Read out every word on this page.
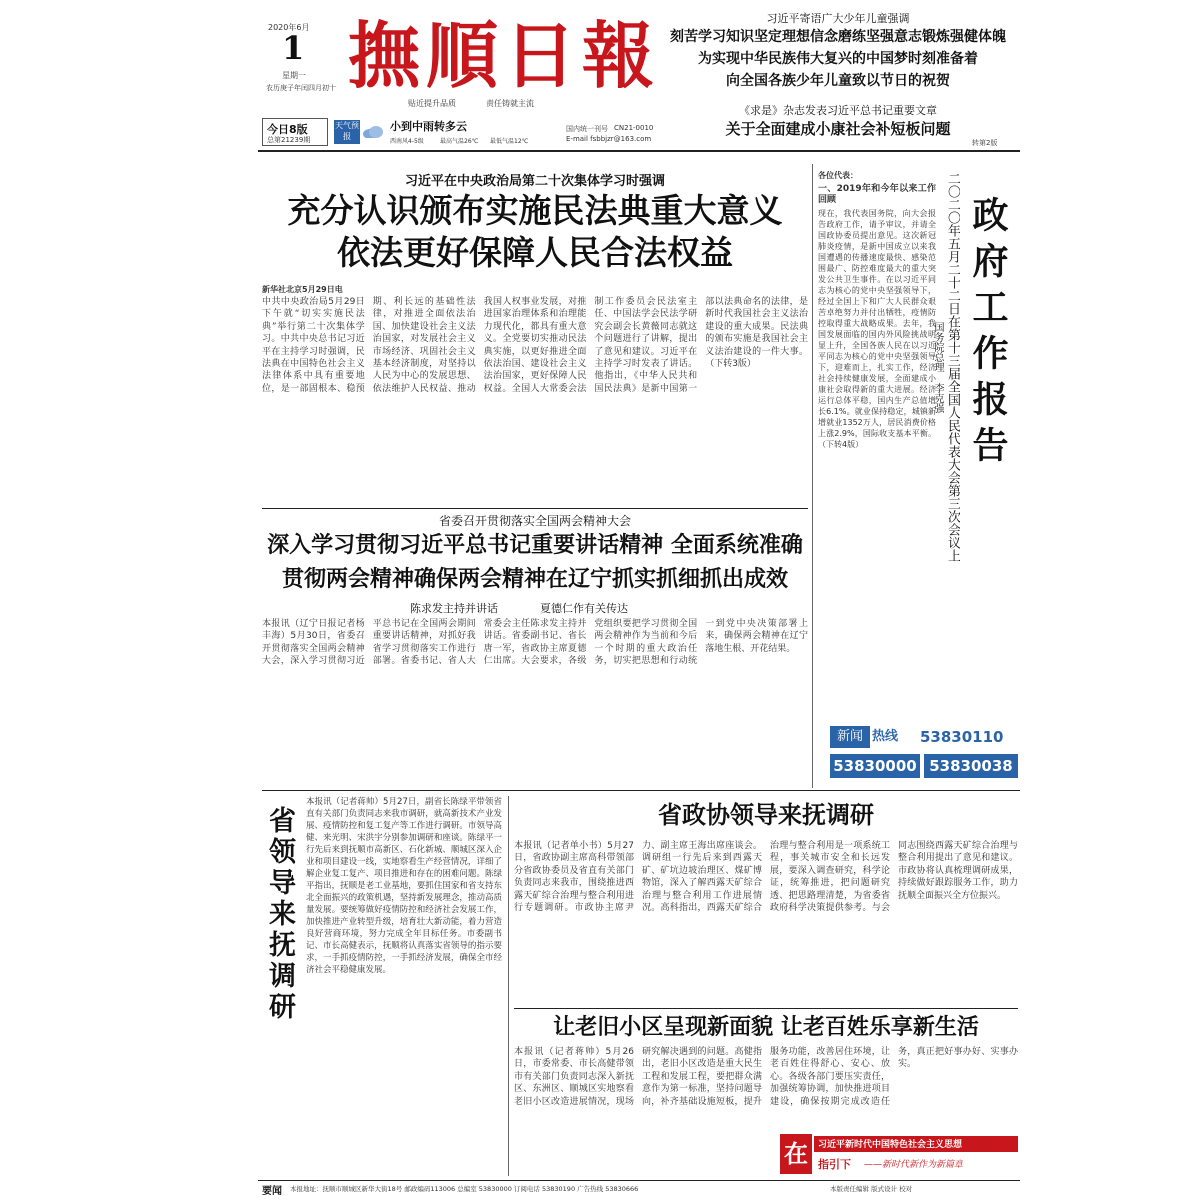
2020年6月
1
星期一
农历庚子年闰四月初十 撫順日報
贴近提升品质	责任铸就主流
今日8版
总第21239期
天气预报
小到中雨转多云
西南风4-5级	最高气温26℃ 最低气温12℃
国内统一刊号 CN21-0010
E-mail fsbbjzr@163.com
习近平寄语广大少年儿童强调
刻苦学习知识坚定理想信念磨练坚强意志锻炼强健体魄
为实现中华民族伟大复兴的中国梦时刻准备着
向全国各族少年儿童致以节日的祝贺
《求是》杂志发表习近平总书记重要文章
关于全面建成小康社会补短板问题
转第2版
习近平在中央政治局第二十次集体学习时强调
充分认识颁布实施民法典重大意义
依法更好保障人民合法权益
新华社北京5月29日电
中共中央政治局5月29日下午就“切实实施民法典”举行第二十次集体学习。中共中央总书记习近平在主持学习时强调，民法典在中国特色社会主义法律体系中具有重要地位，是一部固根本、稳预期、利长远的基础性法律，对推进全面依法治国、加快建设社会主义法治国家，对发展社会主义市场经济、巩固社会主义基本经济制度，对坚持以人民为中心的发展思想、依法维护人民权益、推动我国人权事业发展，对推进国家治理体系和治理能力现代化，都具有重大意义。全党要切实推动民法典实施，以更好推进全面依法治国、建设社会主义法治国家，更好保障人民权益。全国人大常委会法制工作委员会民法室主任、中国法学会民法学研究会副会长黄薇同志就这个问题进行了讲解，提出了意见和建议。习近平在主持学习时发表了讲话。他指出，《中华人民共和国民法典》是新中国第一部以法典命名的法律，是新时代我国社会主义法治建设的重大成果。民法典的颁布实施是我国社会主义法治建设的一件大事。 （下转3版）
省委召开贯彻落实全国两会精神大会
深入学习贯彻习近平总书记重要讲话精神 全面系统准确
贯彻两会精神确保两会精神在辽宁抓实抓细抓出成效
陈求发主持并讲话	夏德仁作有关传达
本报讯（辽宁日报记者杨丰海）5月30日，省委召开贯彻落实全国两会精神大会，深入学习贯彻习近平总书记在全国两会期间重要讲话精神，对抓好我省学习贯彻落实工作进行部署。省委书记、省人大常委会主任陈求发主持并讲话。省委副书记、省长唐一军，省政协主席夏德仁出席。大会要求，各级党组织要把学习贯彻全国两会精神作为当前和今后一个时期的重大政治任务，切实把思想和行动统一到党中央决策部署上来，确保两会精神在辽宁落地生根、开花结果。
各位代表：
一、2019年和今年以来工作回顾
现在，我代表国务院，向大会报告政府工作，请予审议，并请全国政协委员提出意见。这次新冠肺炎疫情，是新中国成立以来我国遭遇的传播速度最快、感染范围最广、防控难度最大的重大突发公共卫生事件。在以习近平同志为核心的党中央坚强领导下，经过全国上下和广大人民群众艰苦卓绝努力并付出牺牲，疫情防控取得重大战略成果。去年，我国发展面临的国内外风险挑战明显上升，全国各族人民在以习近平同志为核心的党中央坚强领导下，迎难而上，扎实工作，经济社会持续健康发展，全面建成小康社会取得新的重大进展。经济运行总体平稳，国内生产总值增长6.1%。就业保持稳定，城镇新增就业1352万人，居民消费价格上涨2.9%，国际收支基本平衡。 （下转4版）	二〇二〇年五月二十二日在第十三届全国人民代表大会第三次会议上
国务院总理 李克强 政府工作报告
新闻 热线	53830110
53830000 53830038
省领导来抚调研
本报讯（记者蒋帅）5月27日，副省长陈绿平带领省直有关部门负责同志来我市调研，就高新技术产业发展、疫情防控和复工复产等工作进行调研。市领导高健、来光明、宋洪宇分别参加调研和座谈。陈绿平一行先后来到抚顺市高新区、石化新城、顺城区深入企业和项目建设一线，实地察看生产经营情况，详细了解企业复工复产、项目推进和存在的困难问题。陈绿平指出，抚顺是老工业基地，要抓住国家和省支持东北全面振兴的政策机遇，坚持新发展理念，推动高质量发展。要统筹做好疫情防控和经济社会发展工作，加快推进产业转型升级，培育壮大新动能，着力营造良好营商环境，努力完成全年目标任务。市委副书记、市长高健表示，抚顺将认真落实省领导的指示要求，一手抓疫情防控，一手抓经济发展，确保全市经济社会平稳健康发展。
省政协领导来抚调研
本报讯（记者单小书）5月27日，省政协副主席高科带领部分省政协委员及省直有关部门负责同志来我市，围绕推进西露天矿综合治理与整合利用进行专题调研。市政协主席尹力、副主席王海出席座谈会。调研组一行先后来到西露天矿、矿坑边坡治理区、煤矿博物馆，深入了解西露天矿综合治理与整合利用工作进展情况。高科指出，西露天矿综合治理与整合利用是一项系统工程，事关城市安全和长远发展，要深入调查研究，科学论证，统筹推进，把问题研究透、把思路理清楚，为省委省政府科学决策提供参考。与会同志围绕西露天矿综合治理与整合利用提出了意见和建议。市政协将认真梳理调研成果，持续做好跟踪服务工作，助力抚顺全面振兴全方位振兴。
让老旧小区呈现新面貌 让老百姓乐享新生活
本报讯（记者蒋帅）5月26日，市委常委、市长高健带领市有关部门负责同志深入新抚区、东洲区、顺城区实地察看老旧小区改造进展情况，现场研究解决遇到的问题。高健指出，老旧小区改造是重大民生工程和发展工程，要把群众满意作为第一标准，坚持问题导向，补齐基础设施短板，提升服务功能，改善居住环境，让老百姓住得舒心、安心、放心。各级各部门要压实责任，加强统筹协调，加快推进项目建设，确保按期完成改造任务，真正把好事办好、实事办实。
在	习近平新时代中国特色社会主义思想
指引下 ——新时代新作为新篇章
要闻 本报地址：抚顺市顺城区新华大街18号 邮政编码113006 总编室 53830000 订阅电话 53830190 广告热线 53830666	本版责任编辑 版式设计 校对
